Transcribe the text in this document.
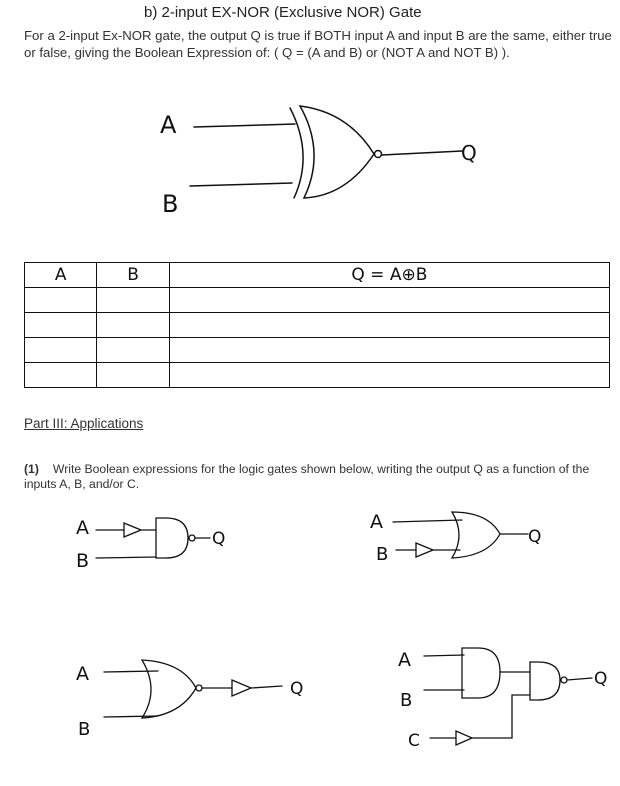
b) 2-input EX-NOR (Exclusive NOR) Gate
For a 2-input Ex-NOR gate, the output Q is true if BOTH input A and input B are the same, either true or false, giving the Boolean Expression of: ( Q = (A and B) or (NOT A and NOT B) ).
A
B
Q
A
B
Q
A
B
Q
A
B
Q
A
B
C
Q
A	B	Q = A⊕B

Part III: Applications
(1) Write Boolean expressions for the logic gates shown below, writing the output Q as a function of the inputs A, B, and/or C.
